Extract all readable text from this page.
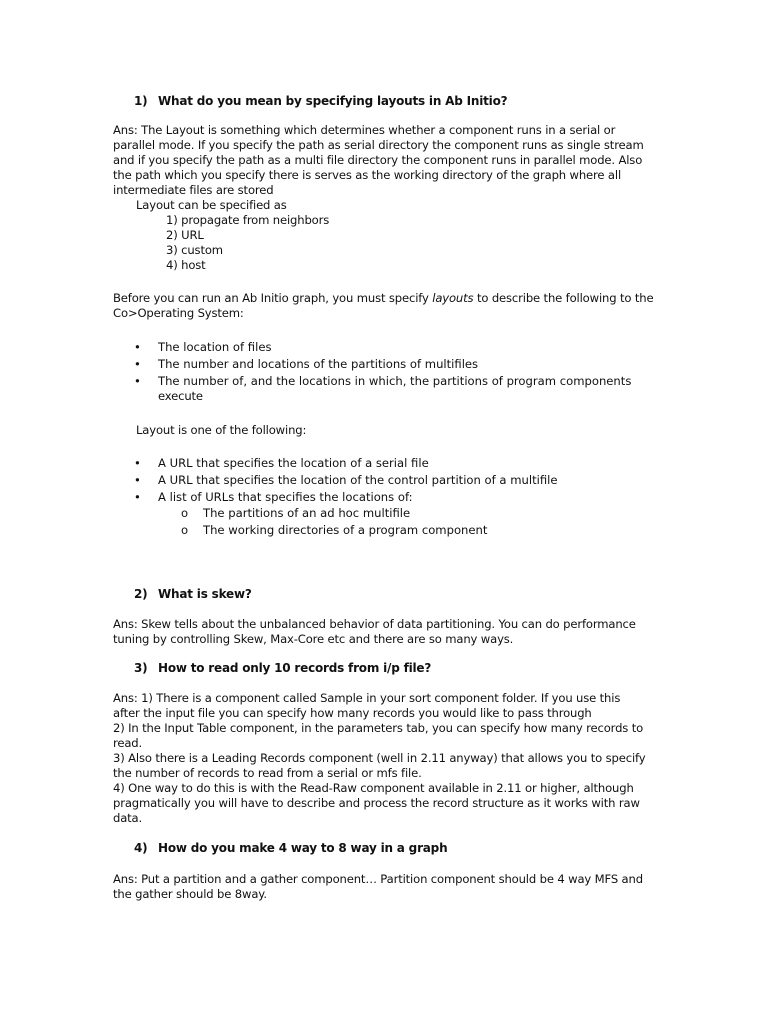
1) What do you mean by specifying layouts in Ab Initio?
Ans: The Layout is something which determines whether a component runs in a serial or
parallel mode. If you specify the path as serial directory the component runs as single stream
and if you specify the path as a multi file directory the component runs in parallel mode. Also
the path which you specify there is serves as the working directory of the graph where all
intermediate files are stored
Layout can be specified as
1) propagate from neighbors
2) URL
3) custom
4) host
Before you can run an Ab Initio graph, you must specify layouts to describe the following to the
Co>Operating System:
• The location of files
• The number and locations of the partitions of multifiles
• The number of, and the locations in which, the partitions of program components
execute
Layout is one of the following:
• A URL that specifies the location of a serial file
• A URL that specifies the location of the control partition of a multifile
• A list of URLs that specifies the locations of:
o The partitions of an ad hoc multifile
o The working directories of a program component
2) What is skew?
Ans: Skew tells about the unbalanced behavior of data partitioning. You can do performance
tuning by controlling Skew, Max-Core etc and there are so many ways.
3) How to read only 10 records from i/p file?
Ans: 1) There is a component called Sample in your sort component folder. If you use this
after the input file you can specify how many records you would like to pass through
2) In the Input Table component, in the parameters tab, you can specify how many records to
read.
3) Also there is a Leading Records component (well in 2.11 anyway) that allows you to specify
the number of records to read from a serial or mfs file.
4) One way to do this is with the Read-Raw component available in 2.11 or higher, although
pragmatically you will have to describe and process the record structure as it works with raw
data.
4) How do you make 4 way to 8 way in a graph
Ans: Put a partition and a gather component… Partition component should be 4 way MFS and
the gather should be 8way.
